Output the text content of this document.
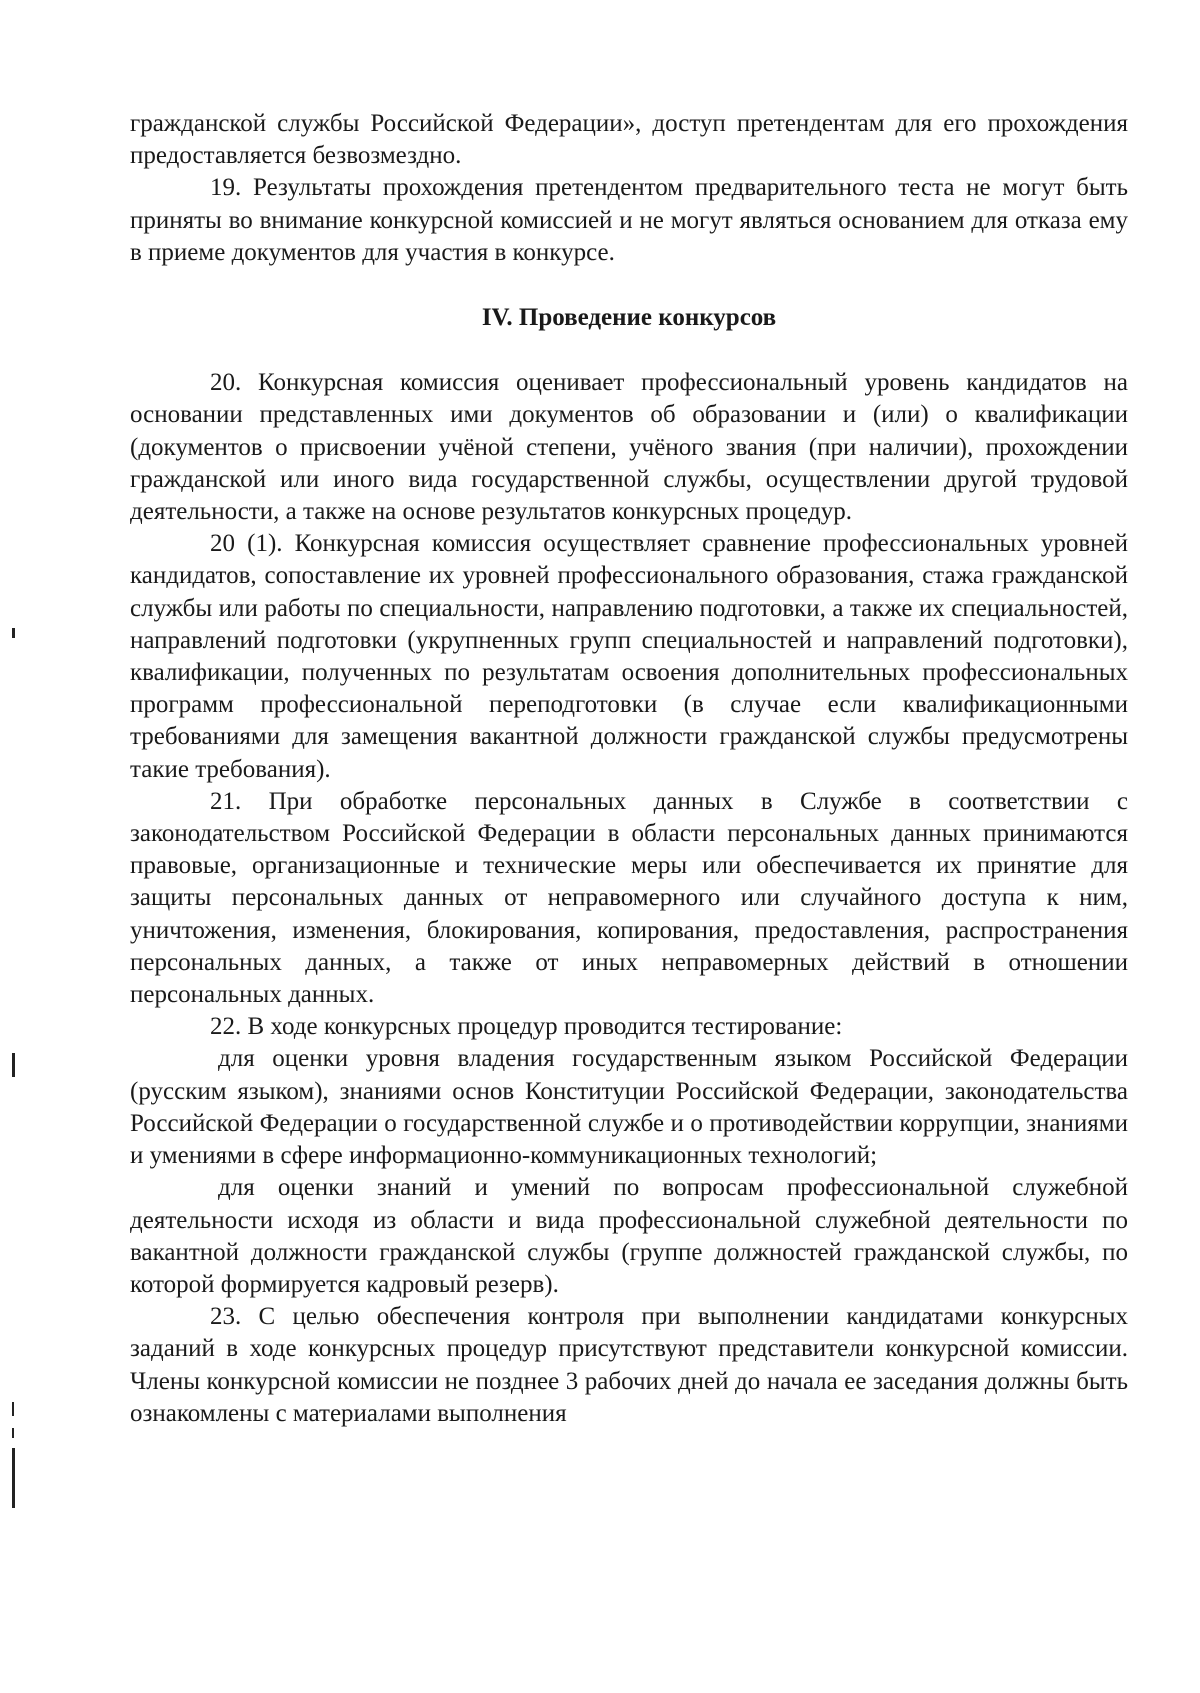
гражданской службы Российской Федерации», доступ претендентам для его прохождения предоставляется безвозмездно.

19. Результаты прохождения претендентом предварительного теста не могут быть приняты во внимание конкурсной комиссией и не могут являться основанием для отказа ему в приеме документов для участия в конкурсе.

IV. Проведение конкурсов

20. Конкурсная комиссия оценивает профессиональный уровень кандидатов на основании представленных ими документов об образовании и (или) о квалификации (документов о присвоении учёной степени, учёного звания (при наличии), прохождении гражданской или иного вида государственной службы, осуществлении другой трудовой деятельности, а также на основе результатов конкурсных процедур.

20 (1). Конкурсная комиссия осуществляет сравнение профессиональных уровней кандидатов, сопоставление их уровней профессионального образования, стажа гражданской службы или работы по специальности, направлению подготовки, а также их специальностей, направлений подготовки (укрупненных групп специальностей и направлений подготовки), квалификации, полученных по результатам освоения дополнительных профессиональных программ профессиональной переподготовки (в случае если квалификационными требованиями для замещения вакантной должности гражданской службы предусмотрены такие требования).

21. При обработке персональных данных в Службе в соответствии с законодательством Российской Федерации в области персональных данных принимаются правовые, организационные и технические меры или обеспечивается их принятие для защиты персональных данных от неправомерного или случайного доступа к ним, уничтожения, изменения, блокирования, копирования, предоставления, распространения персональных данных, а также от иных неправомерных действий в отношении персональных данных.

22. В ходе конкурсных процедур проводится тестирование:

для оценки уровня владения государственным языком Российской Федерации (русским языком), знаниями основ Конституции Российской Федерации, законодательства Российской Федерации о государственной службе и о противодействии коррупции, знаниями и умениями в сфере информационно-коммуникационных технологий;

для оценки знаний и умений по вопросам профессиональной служебной деятельности исходя из области и вида профессиональной служебной деятельности по вакантной должности гражданской службы (группе должностей гражданской службы, по которой формируется кадровый резерв).

23. С целью обеспечения контроля при выполнении кандидатами конкурсных заданий в ходе конкурсных процедур присутствуют представители конкурсной комиссии. Члены конкурсной комиссии не позднее 3 рабочих дней до начала ее заседания должны быть ознакомлены с материалами выполнения
